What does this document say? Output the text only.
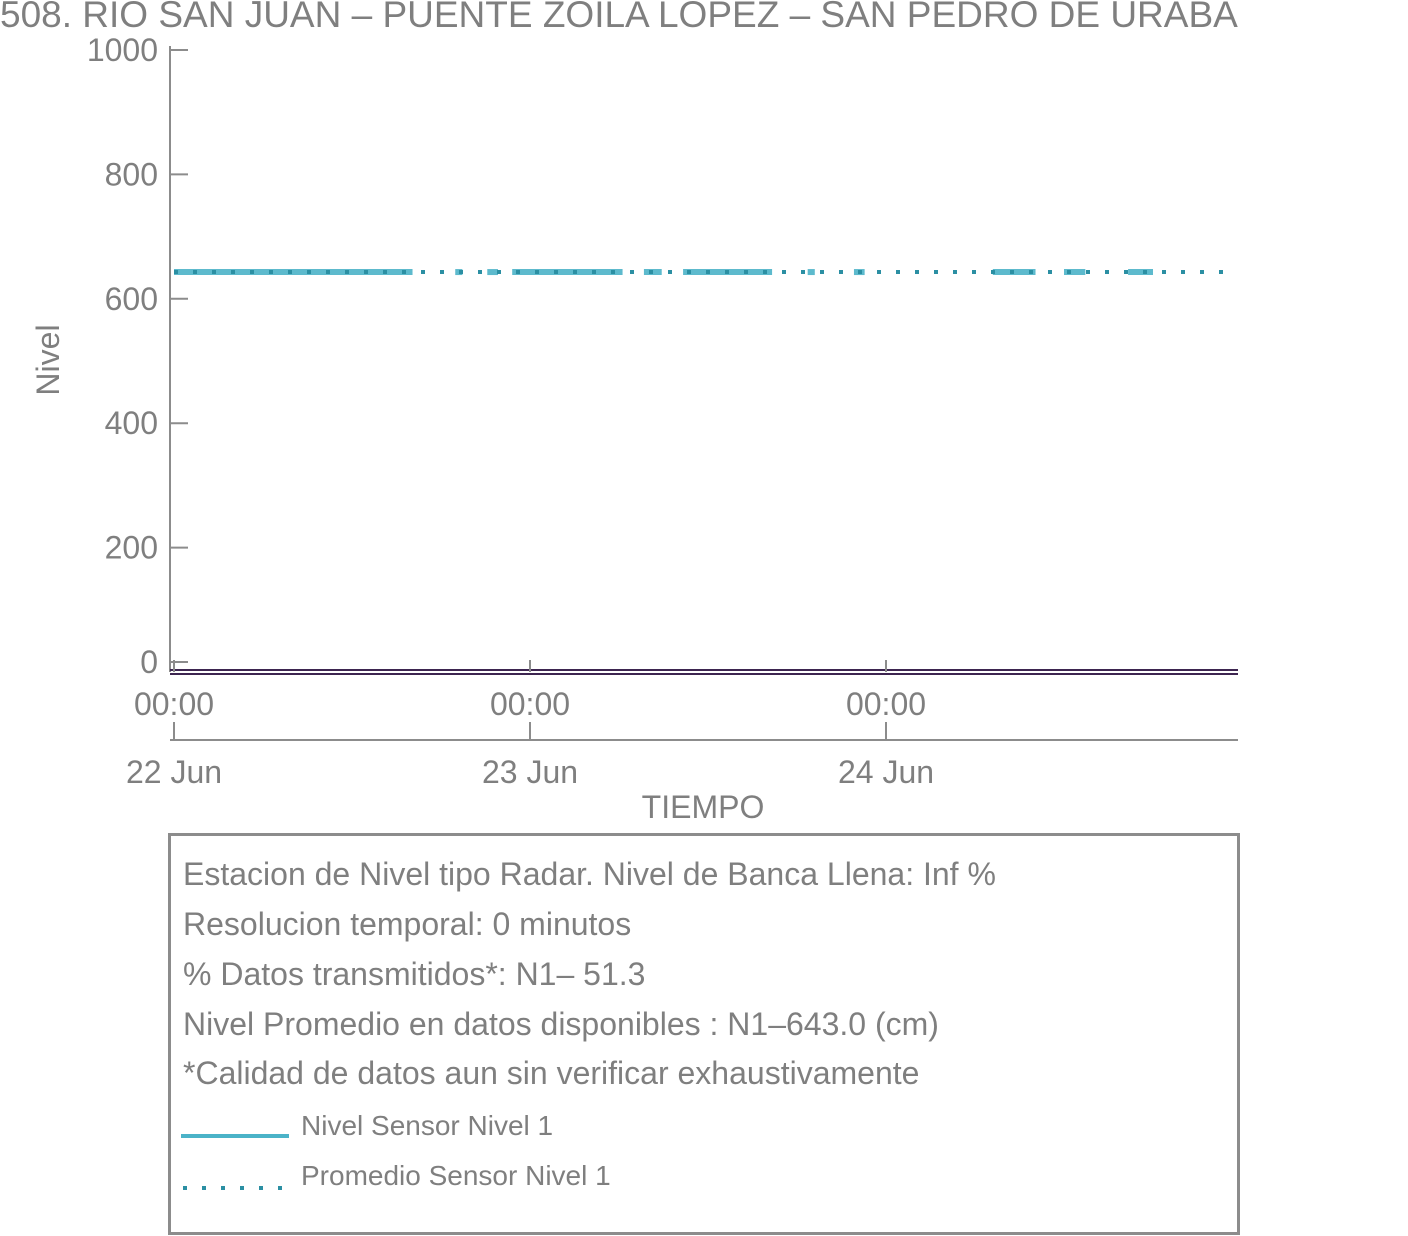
508. RIO SAN JUAN – PUENTE ZOILA LOPEZ – SAN PEDRO DE URABA
0
200
400
600
800
1000
00:00
22 Jun
00:00
23 Jun
00:00
24 Jun
Nivel
TIEMPO
Estacion de Nivel tipo Radar. Nivel de Banca Llena: Inf %
Resolucion temporal: 0 minutos
% Datos transmitidos*: N1– 51.3
Nivel Promedio en datos disponibles : N1–643.0 (cm)
*Calidad de datos aun sin verificar exhaustivamente
Nivel Sensor Nivel 1
Promedio Sensor Nivel 1
